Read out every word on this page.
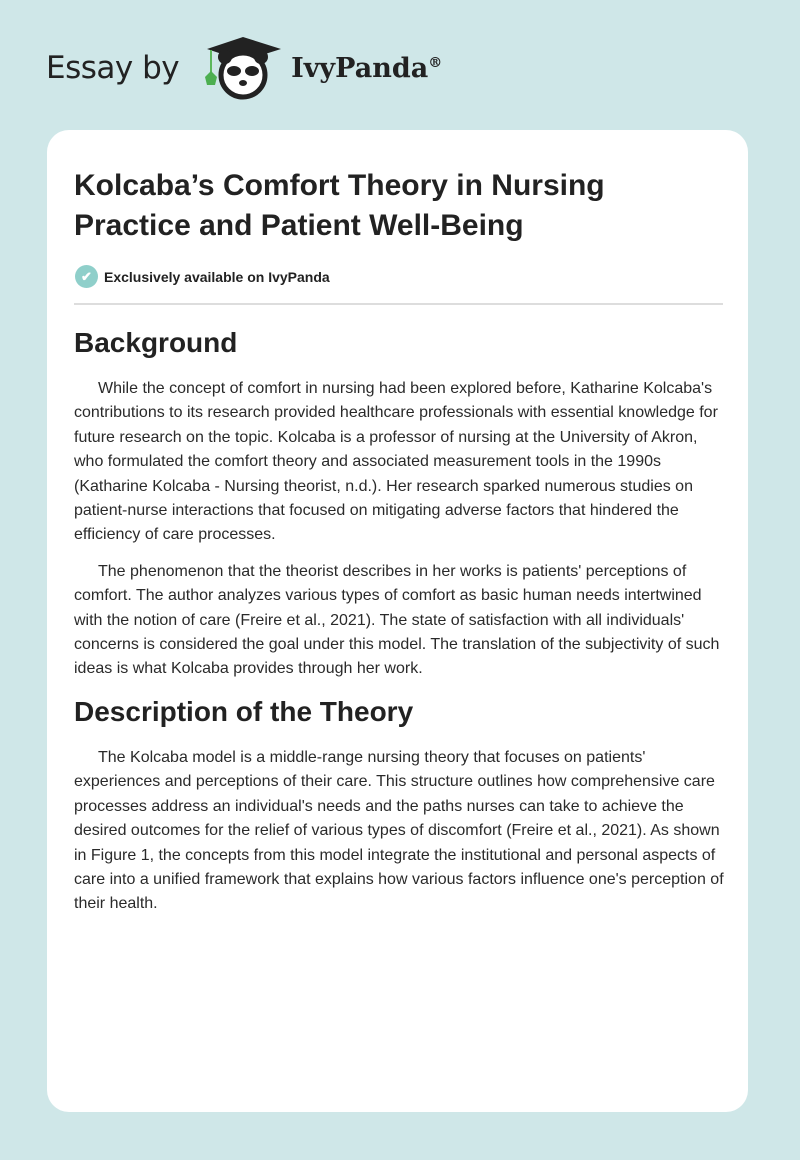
Essay by	IvyPanda®
Kolcaba’s Comfort Theory in Nursing Practice and Patient Well-Being
✔ Exclusively available on IvyPanda
Background

While the concept of comfort in nursing had been explored before, Katharine Kolcaba's contributions to its research provided healthcare professionals with essential knowledge for future research on the topic. Kolcaba is a professor of nursing at the University of Akron, who formulated the comfort theory and associated measurement tools in the 1990s (Katharine Kolcaba - Nursing theorist, n.d.). Her research sparked numerous studies on patient-nurse interactions that focused on mitigating adverse factors that hindered the efficiency of care processes.

The phenomenon that the theorist describes in her works is patients' perceptions of comfort. The author analyzes various types of comfort as basic human needs intertwined with the notion of care (Freire et al., 2021). The state of satisfaction with all individuals' concerns is considered the goal under this model. The translation of the subjectivity of such ideas is what Kolcaba provides through her work.

Description of the Theory

The Kolcaba model is a middle-range nursing theory that focuses on patients' experiences and perceptions of their care. This structure outlines how comprehensive care processes address an individual's needs and the paths nurses can take to achieve the desired outcomes for the relief of various types of discomfort (Freire et al., 2021). As shown in Figure 1, the concepts from this model integrate the institutional and personal aspects of care into a unified framework that explains how various factors influence one's perception of their health.
